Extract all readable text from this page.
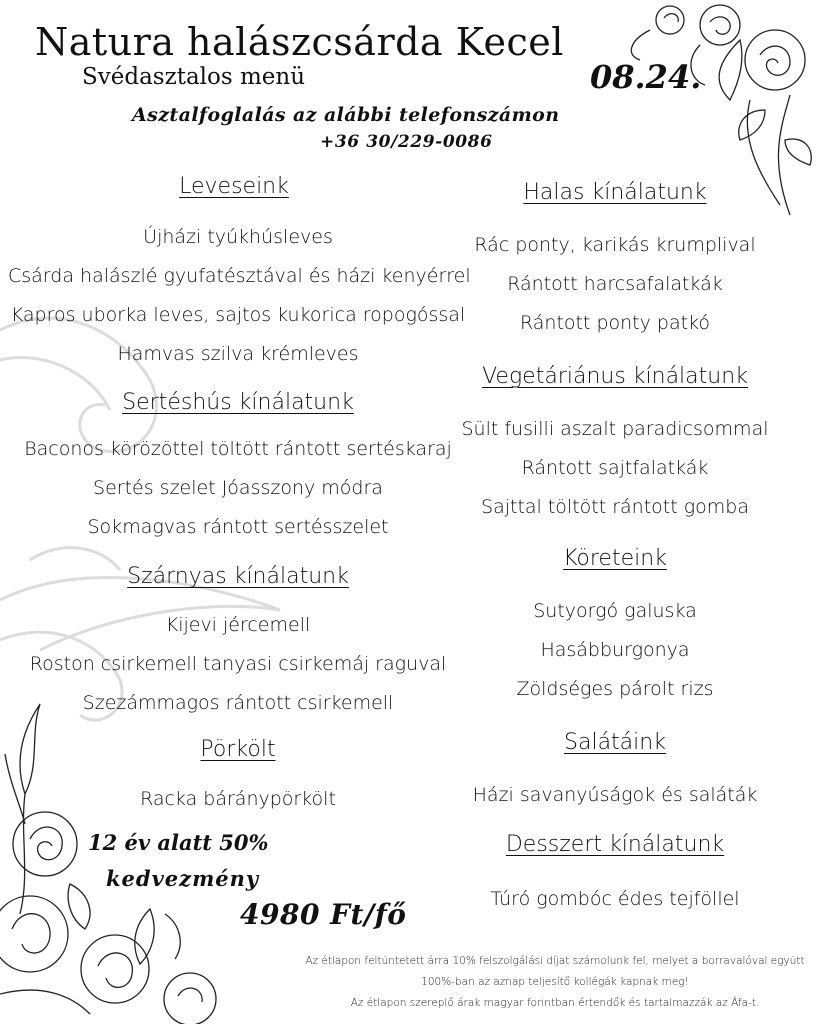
Natura halászcsárda Kecel
Svédasztalos menü	08.24.
Asztalfoglalás az alábbi telefonszámon
+36 30/229-0086
Leveseink
Újházi tyúkhúsleves
Csárda halászlé gyufatésztával és házi kenyérrel
Kapros uborka leves, sajtos kukorica ropogóssal
Hamvas szilva krémleves
Sertéshús kínálatunk
Baconos körözöttel töltött rántott sertéskaraj
Sertés szelet Jóasszony módra
Sokmagvas rántott sertésszelet
Szárnyas kínálatunk
Kijevi jércemell
Roston csirkemell tanyasi csirkemáj raguval
Szezámmagos rántott csirkemell
Pörkölt
Racka báránypörkölt
Halas kínálatunk
Rác ponty, karikás krumplival
Rántott harcsafalatkák
Rántott ponty patkó
Vegetáriánus kínálatunk
Sült fusilli aszalt paradicsommal
Rántott sajtfalatkák
Sajttal töltött rántott gomba
Köreteink
Sutyorgó galuska
Hasábburgonya
Zöldséges párolt rizs
Salátáink
Házi savanyúságok és saláták
Desszert kínálatunk
Túró gombóc édes tejföllel
12 év alatt 50%
kedvezmény
4980 Ft/fő
Az étlapon feltüntetett árra 10% felszolgálási díjat számolunk fel, melyet a borravalóval együtt
100%-ban az aznap teljesítő kollégák kapnak meg!
Az étlapon szereplő árak magyar forintban értendők és tartalmazzák az Áfa-t.
